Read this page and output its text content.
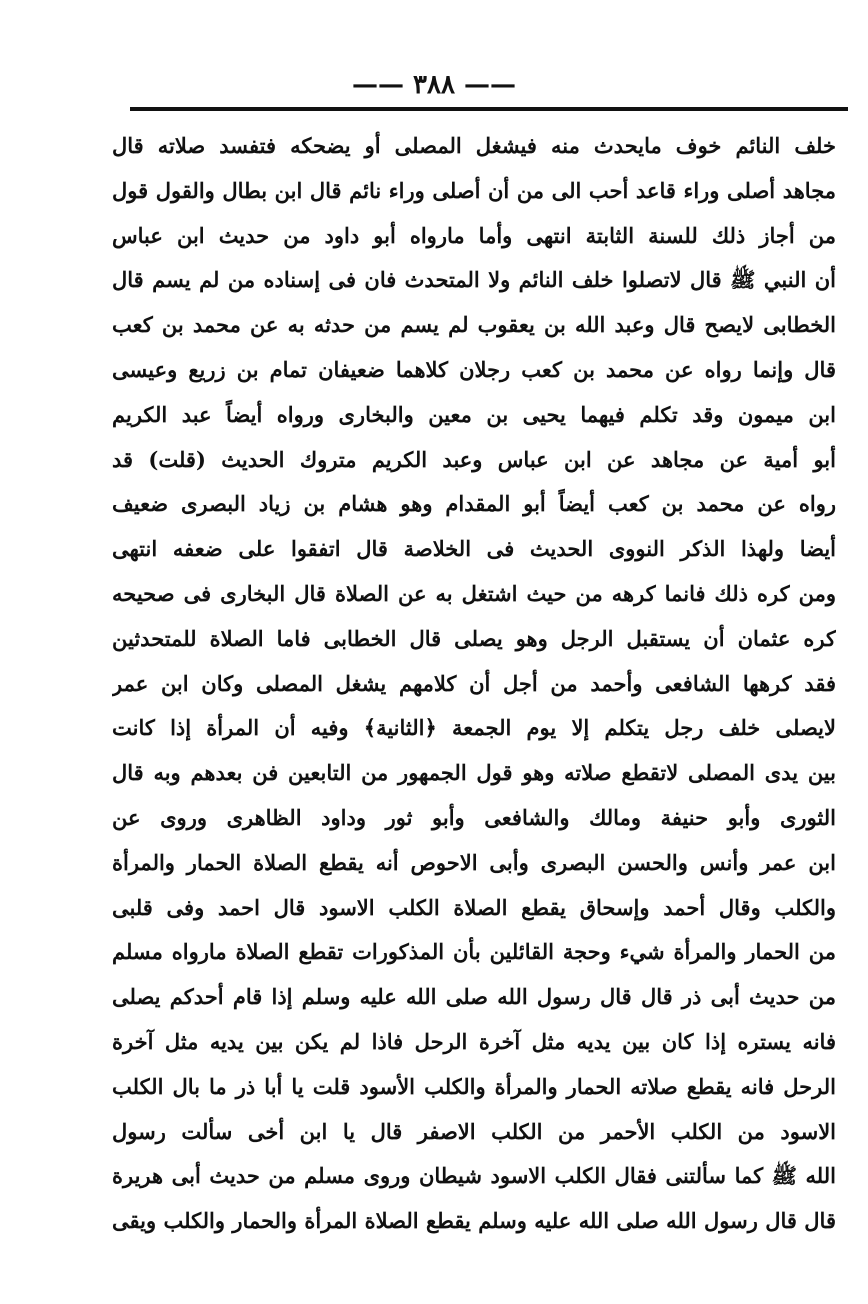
—— ٣٨٨ ——
خلف النائم خوف مايحدث منه فيشغل المصلى أو يضحكه فتفسد صلاته قال
مجاهد أصلى وراء قاعد أحب الى من أن أصلى وراء نائم قال ابن بطال والقول قول
من أجاز ذلك للسنة الثابتة انتهى وأما مارواه أبو داود من حديث ابن عباس
أن النبي ﷺ قال لاتصلوا خلف النائم ولا المتحدث فان فى إسناده من لم يسم قال
الخطابى لايصح قال وعبد الله بن يعقوب لم يسم من حدثه به عن محمد بن كعب
قال وإنما رواه عن محمد بن كعب رجلان كلاهما ضعيفان تمام بن زريع وعيسى
ابن ميمون وقد تكلم فيهما يحيى بن معين والبخارى ورواه أيضاً عبد الكريم
أبو أمية عن مجاهد عن ابن عباس وعبد الكريم متروك الحديث (قلت) قد
رواه عن محمد بن كعب أيضاً أبو المقدام وهو هشام بن زياد البصرى ضعيف
أيضا ولهذا الذكر النووى الحديث فى الخلاصة قال اتفقوا على ضعفه انتهى
ومن كره ذلك فانما كرهه من حيث اشتغل به عن الصلاة قال البخارى فى صحيحه
كره عثمان أن يستقبل الرجل وهو يصلى قال الخطابى فاما الصلاة للمتحدثين
فقد كرهها الشافعى وأحمد من أجل أن كلامهم يشغل المصلى وكان ابن عمر
لايصلى خلف رجل يتكلم إلا يوم الجمعة ﴿الثانية﴾ وفيه أن المرأة إذا كانت
بين يدى المصلى لاتقطع صلاته وهو قول الجمهور من التابعين فن بعدهم وبه قال
الثورى وأبو حنيفة ومالك والشافعى وأبو ثور وداود الظاهرى وروى عن
ابن عمر وأنس والحسن البصرى وأبى الاحوص أنه يقطع الصلاة الحمار والمرأة
والكلب وقال أحمد وإسحاق يقطع الصلاة الكلب الاسود قال احمد وفى قلبى
من الحمار والمرأة شيء وحجة القائلين بأن المذكورات تقطع الصلاة مارواه مسلم
من حديث أبى ذر قال قال رسول الله صلى الله عليه وسلم إذا قام أحدكم يصلى
فانه يستره إذا كان بين يديه مثل آخرة الرحل فاذا لم يكن بين يديه مثل آخرة
الرحل فانه يقطع صلاته الحمار والمرأة والكلب الأسود قلت يا أبا ذر ما بال الكلب
الاسود من الكلب الأحمر من الكلب الاصفر قال يا ابن أخى سألت رسول
الله ﷺ كما سألتنى فقال الكلب الاسود شيطان وروى مسلم من حديث أبى هريرة
قال قال رسول الله صلى الله عليه وسلم يقطع الصلاة المرأة والحمار والكلب ويقى
